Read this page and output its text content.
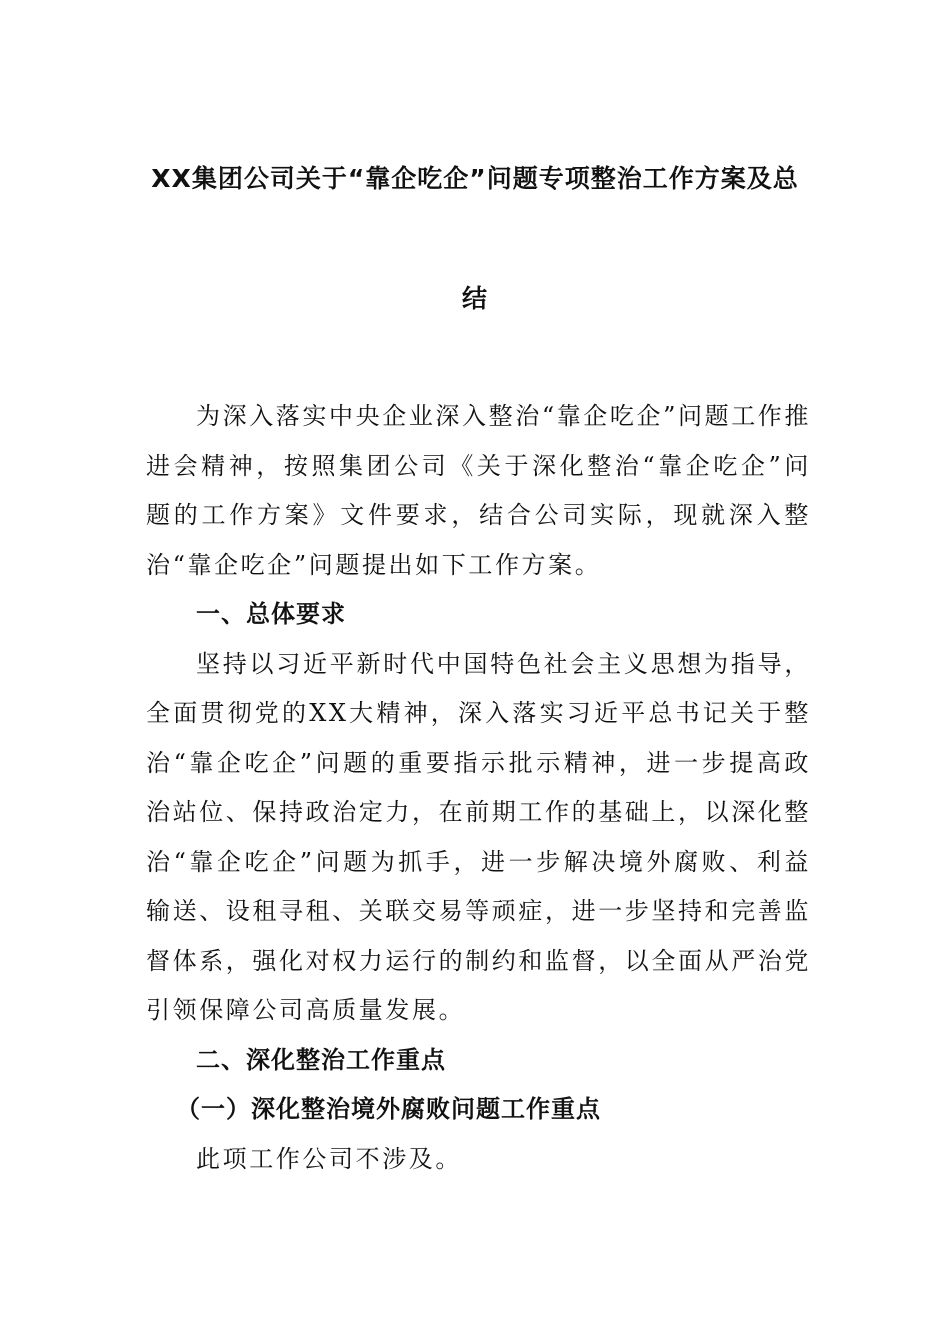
XX集团公司关于“靠企吃企”问题专项整治工作方案及总
结

为深入落实中央企业深入整治“靠企吃企”问题工作推进会精神，按照集团公司《关于深化整治“靠企吃企”问题的工作方案》文件要求，结合公司实际，现就深入整治“靠企吃企”问题提出如下工作方案。

一、总体要求

坚持以习近平新时代中国特色社会主义思想为指导，全面贯彻党的XX大精神，深入落实习近平总书记关于整治“靠企吃企”问题的重要指示批示精神，进一步提高政治站位、保持政治定力，在前期工作的基础上，以深化整治“靠企吃企”问题为抓手，进一步解决境外腐败、利益输送、设租寻租、关联交易等顽症，进一步坚持和完善监督体系，强化对权力运行的制约和监督，以全面从严治党引领保障公司高质量发展。

二、深化整治工作重点

（一）深化整治境外腐败问题工作重点

此项工作公司不涉及。
